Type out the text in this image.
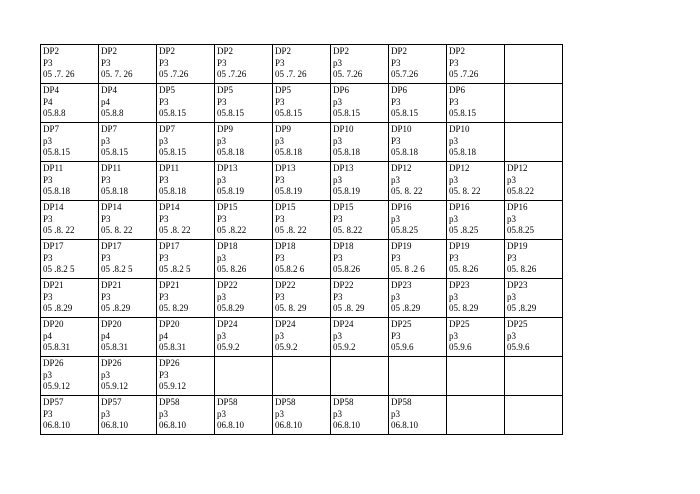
DP2
P3
05 .7. 26	DP2
P3
05. 7. 26	DP2
P3
05 .7.26	DP2
P3
05 .7.26	DP2
P3
05 .7. 26	DP2
p3
05. 7.26	DP2
P3
05.7.26	DP2
P3
05 .7.26	

DP4
P4
05.8.8	DP4
p4
05.8.8	DP5
P3
05.8.15	DP5
P3
05.8.15	DP5
P3
05.8.15	DP6
p3
05.8.15	DP6
P3
05.8.15	DP6
P3
05.8.15	

DP7
p3
05.8.15	DP7
p3
05.8.15	DP7
p3
05.8.15	DP9
p3
05.8.18	DP9
p3
05.8.18	DP10
p3
05.8.18	DP10
P3
05.8.18	DP10
p3
05.8.18	

DP11
P3
05.8.18	DP11
P3
05.8.18	DP11
P3
05.8.18	DP13
p3
05.8.19	DP13
P3
05.8.19	DP13
p3
05.8.19	DP12
p3
05. 8. 22	DP12
p3
05. 8. 22	DP12
p3
05.8.22

DP14
P3
05 .8. 22	DP14
P3
05. 8. 22	DP14
P3
05 .8. 22	DP15
P3
05 .8.22	DP15
P3
05 .8. 22	DP15
P3
05. 8.22	DP16
p3
05.8.25	DP16
p3
05 .8.25	DP16
p3
05.8.25

DP17
P3
05 .8.2 5	DP17
P3
05 .8.2 5	DP17
P3
05 .8.2 5	DP18
p3
05. 8.26	DP18
P3
05.8.2 6	DP18
P3
05.8.26	DP19
P3
05. 8 .2 6	DP19
P3
05. 8.26	DP19
P3
05. 8.26

DP21
P3
05 .8.29	DP21
P3
05 .8.29	DP21
P3
05. 8.29	DP22
p3
05.8.29	DP22
P3
05. 8. 29	DP22
P3
05 .8. 29	DP23
p3
05 .8.29	DP23
p3
05. 8.29	DP23
p3
05 .8.29

DP20
p4
05.8.31	DP20
p4
05.8.31	DP20
p4
05.8.31	DP24
p3
05.9.2	DP24
p3
05.9.2	DP24
p3
05.9.2	DP25
P3
05.9.6	DP25
p3
05.9.6	DP25
p3
05.9.6

DP26
p3
05.9.12	DP26
p3
05.9.12	DP26
P3
05.9.12						

DP57
P3
06.8.10	DP57
p3
06.8.10	DP58
p3
06.8.10	DP58
p3
06.8.10	DP58
p3
06.8.10	DP58
p3
06.8.10	DP58
p3
06.8.10		
